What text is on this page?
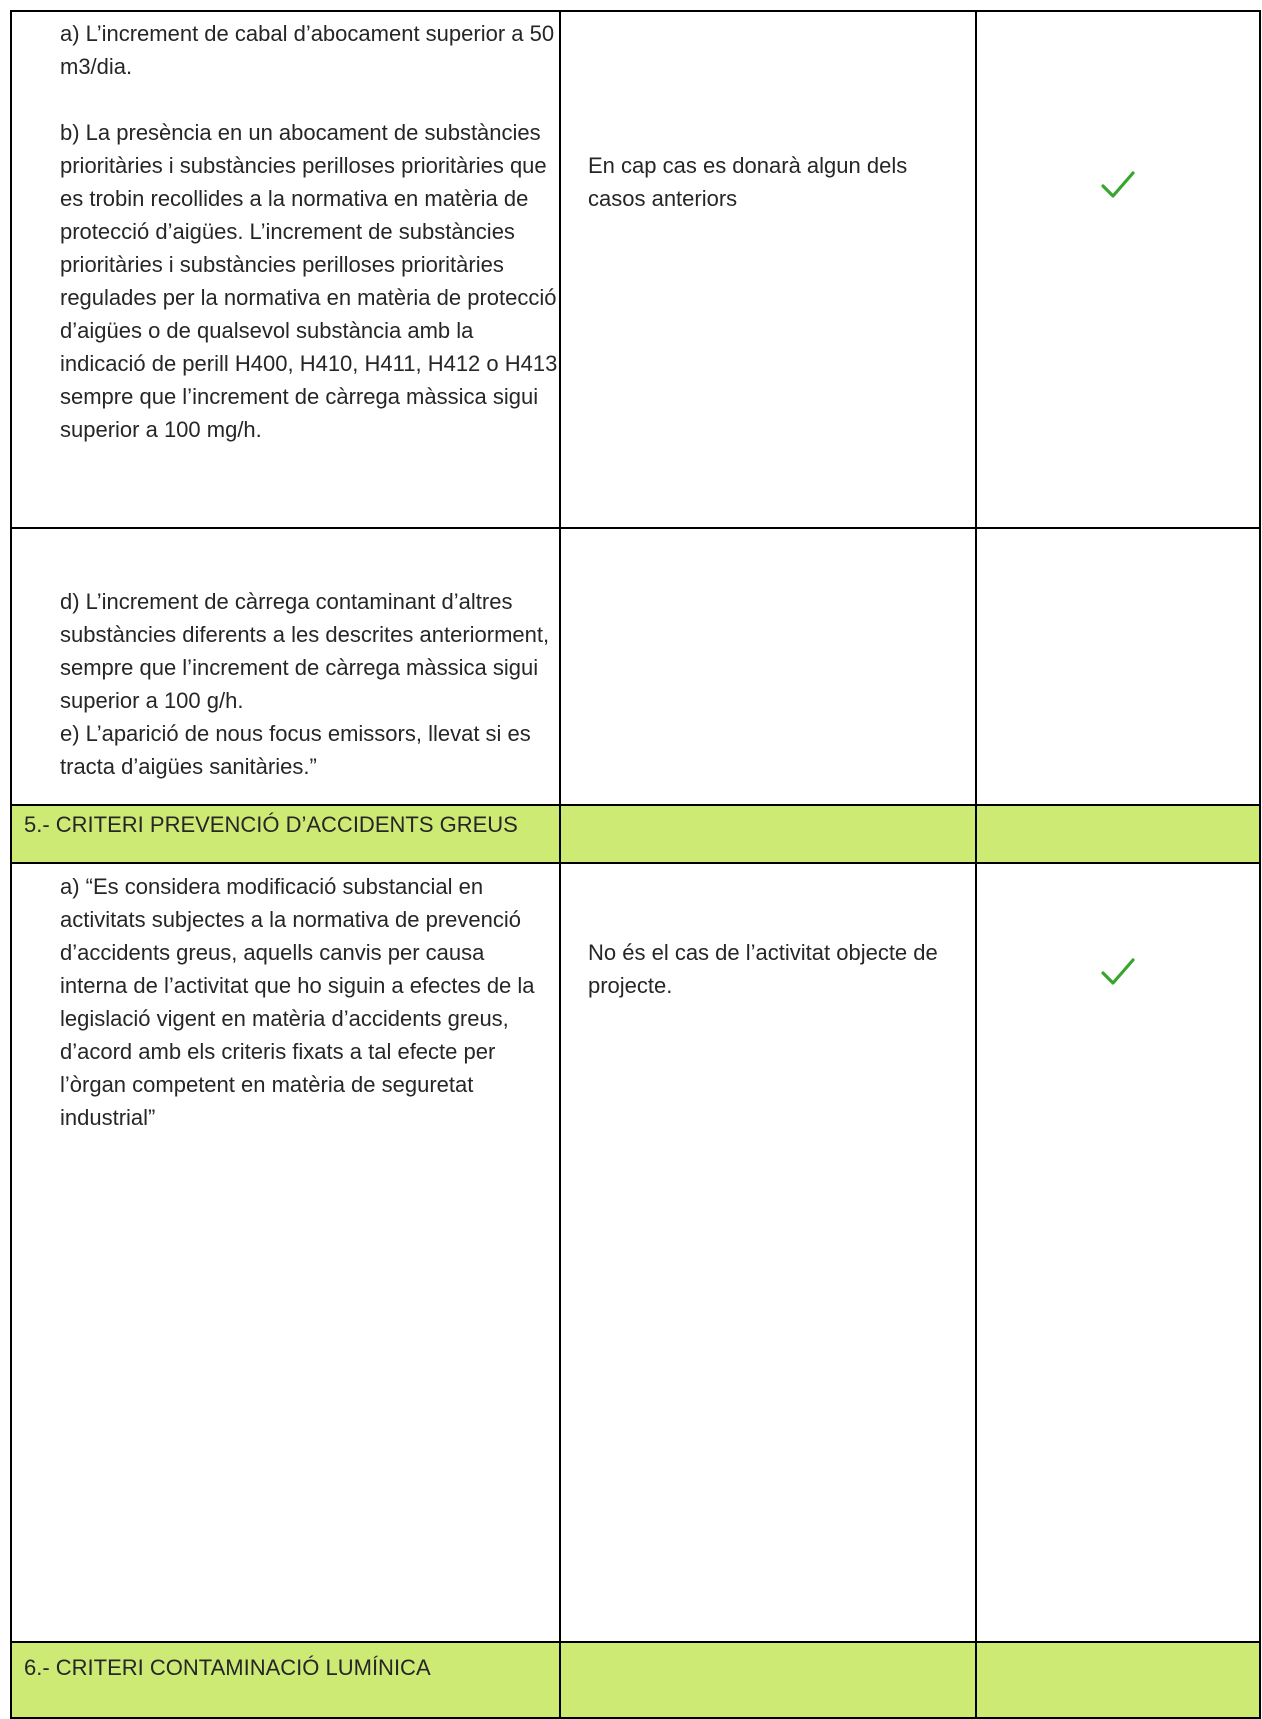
a) L’increment de cabal d’abocament superior a 50 m3/dia.

b) La presència en un abocament de substàncies prioritàries i substàncies perilloses prioritàries que es trobin recollides a la normativa en matèria de protecció d’aigües. L’increment de substàncies prioritàries i substàncies perilloses prioritàries regulades per la normativa en matèria de protecció d’aigües o de qualsevol substància amb la indicació de perill H400, H410, H411, H412 o H413 sempre que l’increment de càrrega màssica sigui superior a 100 mg/h.

En cap cas es donarà algun dels casos anteriors

d) L’increment de càrrega contaminant d’altres substàncies diferents a les descrites anteriorment, sempre que l’increment de càrrega màssica sigui superior a 100 g/h.

e) L’aparició de nous focus emissors, llevat si es tracta d’aigües sanitàries.”

5.- CRITERI PREVENCIÓ D’ACCIDENTS GREUS

a) “Es considera modificació substancial en activitats subjectes a la normativa de prevenció d’accidents greus, aquells canvis per causa interna de l’activitat que ho siguin a efectes de la legislació vigent en matèria d’accidents greus, d’acord amb els criteris fixats a tal efecte per l’òrgan competent en matèria de seguretat industrial”

No és el cas de l’activitat objecte de projecte.

6.- CRITERI CONTAMINACIÓ LUMÍNICA
